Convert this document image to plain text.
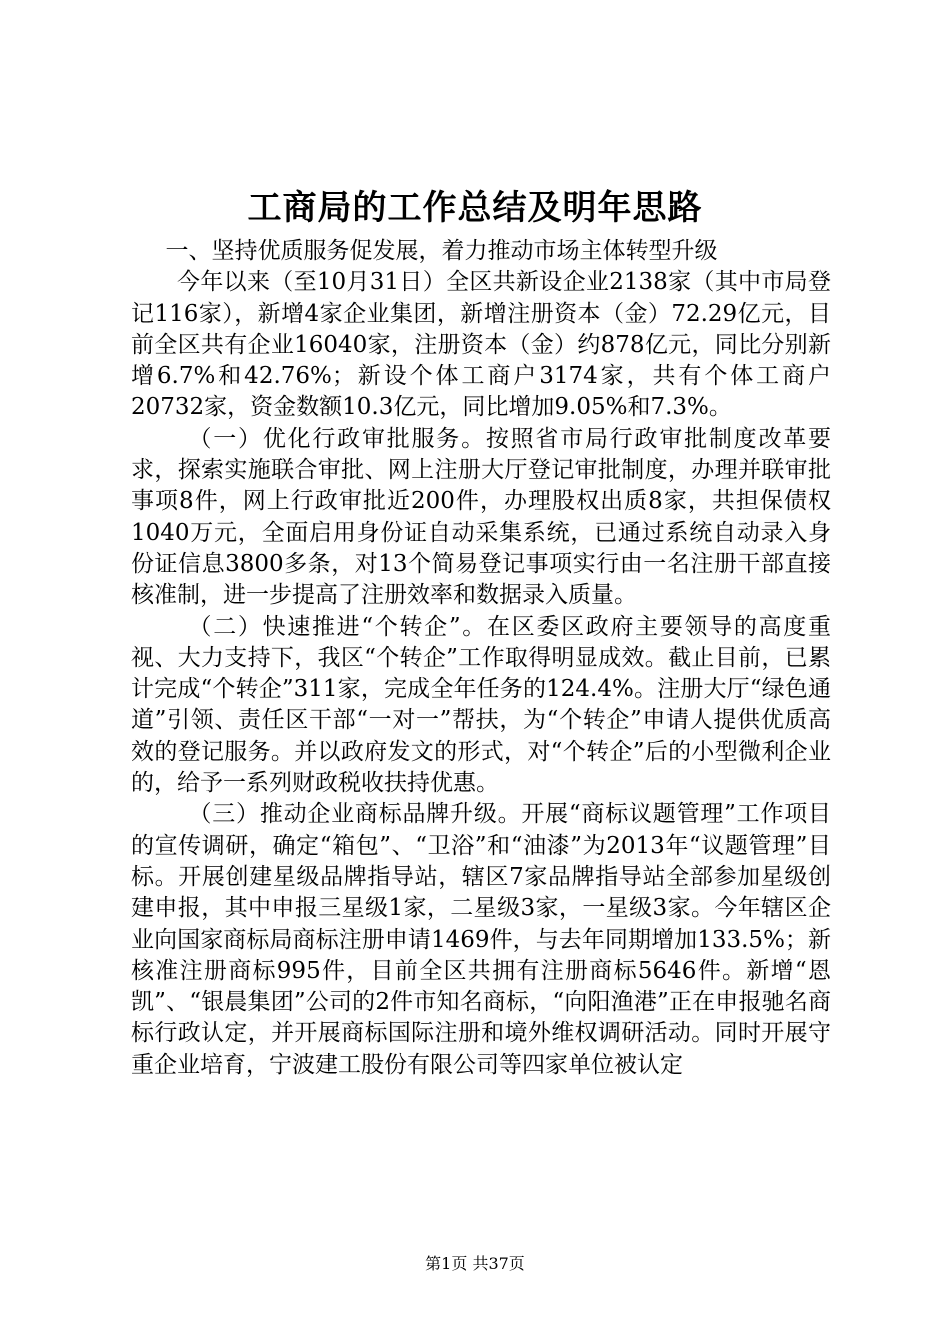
工商局的工作总结及明年思路

一、坚持优质服务促发展，着力推动市场主体转型升级

今年以来（至10月31日）全区共新设企业2138家（其中市局登记116家），新增4家企业集团，新增注册资本（金）72.29亿元，目前全区共有企业16040家，注册资本（金）约878亿元，同比分别新增6.7%和42.76%；新设个体工商户3174家，共有个体工商户20732家，资金数额10.3亿元，同比增加9.05%和7.3%。

（一）优化行政审批服务。按照省市局行政审批制度改革要求，探索实施联合审批、网上注册大厅登记审批制度，办理并联审批事项8件，网上行政审批近200件，办理股权出质8家，共担保债权1040万元，全面启用身份证自动采集系统，已通过系统自动录入身份证信息3800多条，对13个简易登记事项实行由一名注册干部直接核准制，进一步提高了注册效率和数据录入质量。

（二）快速推进“个转企”。在区委区政府主要领导的高度重视、大力支持下，我区“个转企”工作取得明显成效。截止目前，已累计完成“个转企”311家，完成全年任务的124.4%。注册大厅“绿色通道”引领、责任区干部“一对一”帮扶，为“个转企”申请人提供优质高效的登记服务。并以政府发文的形式，对“个转企”后的小型微利企业的，给予一系列财政税收扶持优惠。

（三）推动企业商标品牌升级。开展“商标议题管理”工作项目的宣传调研，确定“箱包”、“卫浴”和“油漆”为2013年“议题管理”目标。开展创建星级品牌指导站，辖区7家品牌指导站全部参加星级创建申报，其中申报三星级1家，二星级3家，一星级3家。今年辖区企业向国家商标局商标注册申请1469件，与去年同期增加133.5%；新核准注册商标995件，目前全区共拥有注册商标5646件。新增“恩凯”、“银晨集团”公司的2件市知名商标，“向阳渔港”正在申报驰名商标行政认定，并开展商标国际注册和境外维权调研活动。同时开展守重企业培育，宁波建工股份有限公司等四家单位被认定

第1页 共37页
